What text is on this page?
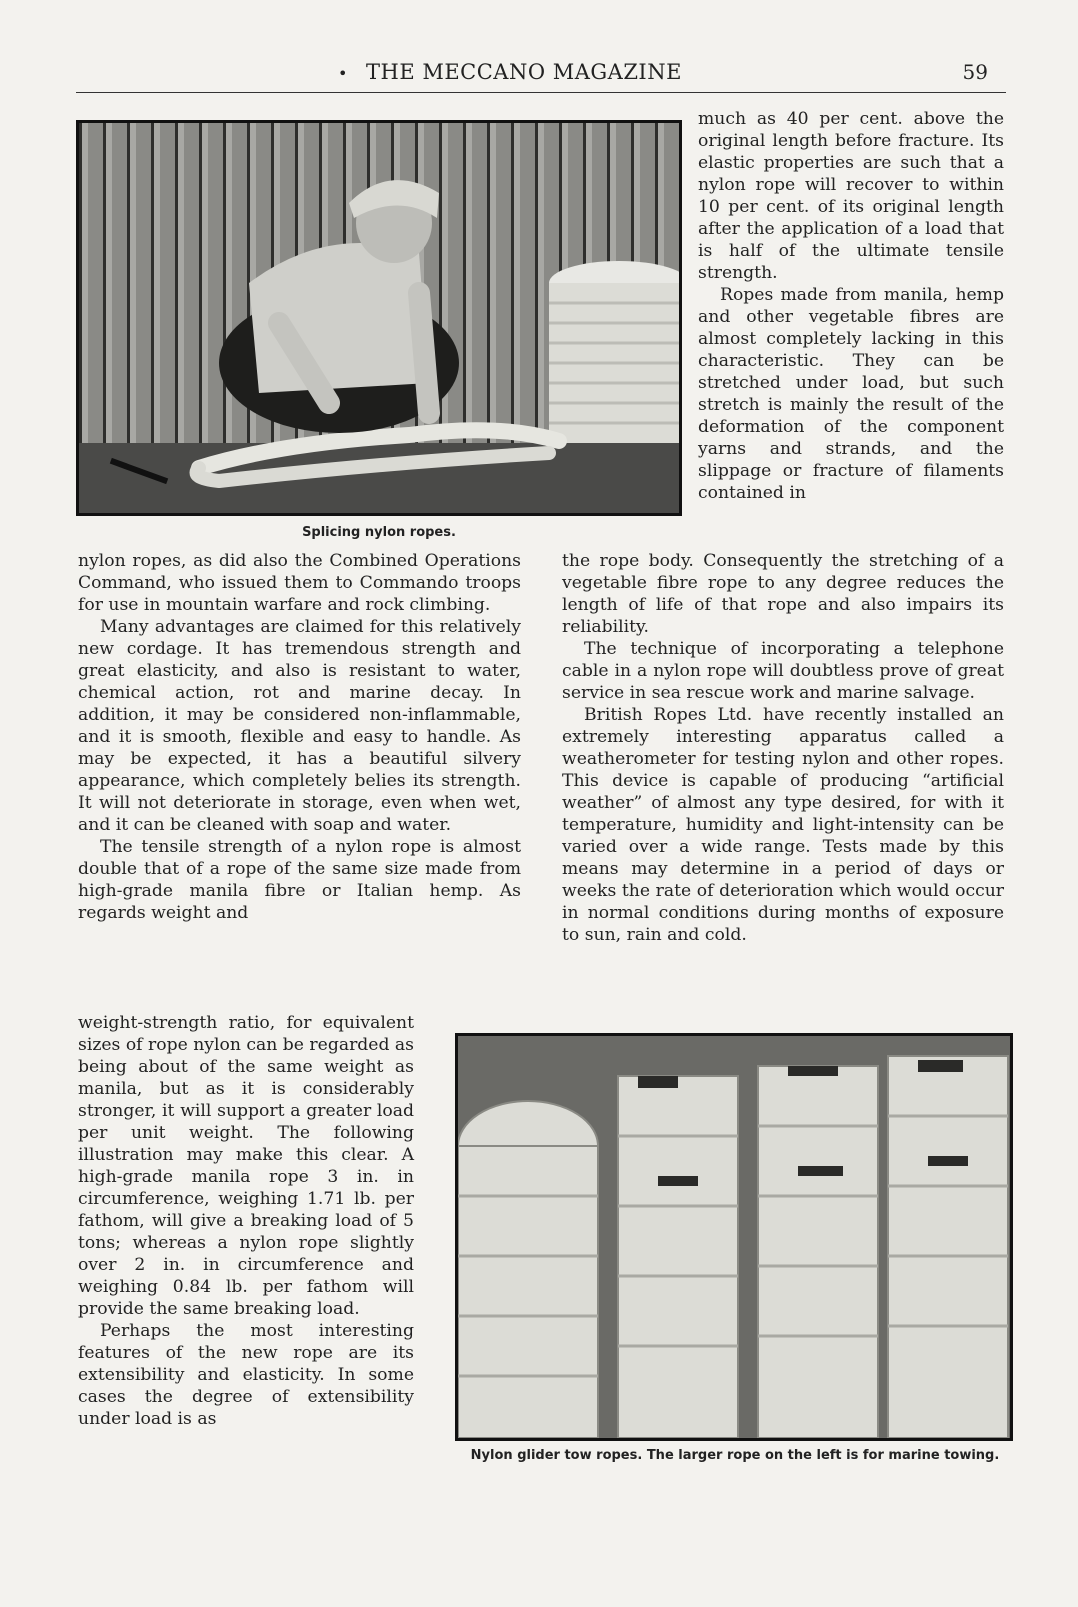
• THE MECCANO MAGAZINE	59
Splicing nylon ropes.

much as 40 per cent. above the original length before fracture. Its elastic properties are such that a nylon rope will recover to within 10 per cent. of its original length after the application of a load that is half of the ultimate tensile strength.

Ropes made from manila, hemp and other vegetable fibres are almost completely lacking in this characteristic. They can be stretched under load, but such stretch is mainly the result of the deformation of the component yarns and strands, and the slippage or fracture of filaments contained in

nylon ropes, as did also the Combined Operations Command, who issued them to Commando troops for use in mountain warfare and rock climbing.

Many advantages are claimed for this relatively new cordage. It has tremendous strength and great elasticity, and also is resistant to water, chemical action, rot and marine decay. In addition, it may be considered non-inflammable, and it is smooth, flexible and easy to handle. As may be expected, it has a beautiful silvery appearance, which completely belies its strength. It will not deteriorate in storage, even when wet, and it can be cleaned with soap and water.

The tensile strength of a nylon rope is almost double that of a rope of the same size made from high-grade manila fibre or Italian hemp. As regards weight and

the rope body. Consequently the stretching of a vegetable fibre rope to any degree reduces the length of life of that rope and also impairs its reliability.

The technique of incorporating a telephone cable in a nylon rope will doubtless prove of great service in sea rescue work and marine salvage.

British Ropes Ltd. have recently installed an extremely interesting apparatus called a weatherometer for testing nylon and other ropes. This device is capable of producing “artificial weather” of almost any type desired, for with it temperature, humidity and light-intensity can be varied over a wide range. Tests made by this means may determine in a period of days or weeks the rate of deterioration which would occur in normal conditions during months of exposure to sun, rain and cold.

weight-strength ratio, for equivalent sizes of rope nylon can be regarded as being about of the same weight as manila, but as it is considerably stronger, it will support a greater load per unit weight. The following illustration may make this clear. A high-grade manila rope 3 in. in circumference, weighing 1.71 lb. per fathom, will give a breaking load of 5 tons; whereas a nylon rope slightly over 2 in. in circumference and weighing 0.84 lb. per fathom will provide the same breaking load.

Perhaps the most interesting features of the new rope are its extensibility and elasticity. In some cases the degree of extensibility under load is as

Nylon glider tow ropes. The larger rope on the left is for marine towing.
